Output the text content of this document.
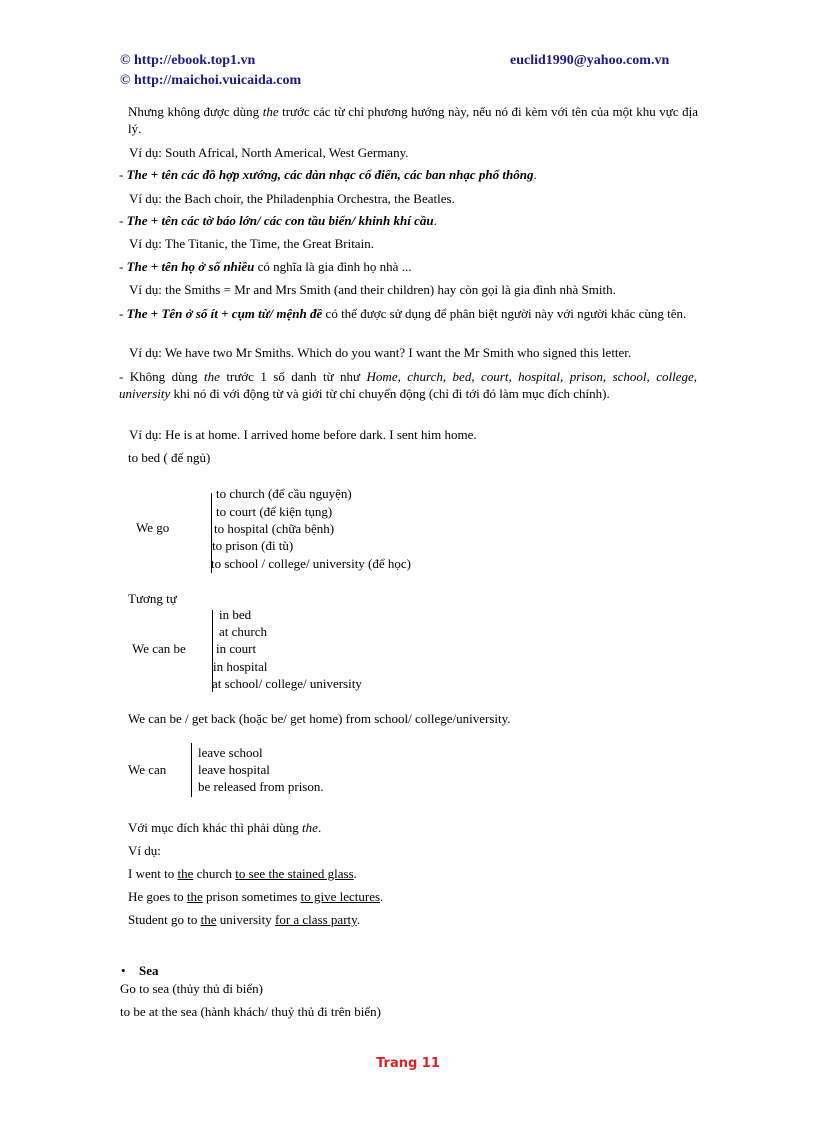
© http://ebook.top1.vn
© http://maichoi.vuicaida.com
euclid1990@yahoo.com.vn
Nhưng không được dùng the trước các từ chỉ phương hướng này, nếu nó đi kèm với tên của một khu vực địa lý.
Ví dụ: South Africal, North Americal, West Germany.
- The + tên các đồ hợp xướng, các dàn nhạc cổ điển, các ban nhạc phổ thông.
Ví dụ: the Bach choir, the Philadenphia Orchestra, the Beatles.
- The + tên các tờ báo lớn/ các con tầu biển/ khinh khí cầu.
Ví dụ: The Titanic, the Time, the Great Britain.
- The + tên họ ở số nhiều có nghĩa là gia đình họ nhà ...
Ví dụ: the Smiths = Mr and Mrs Smith (and their children) hay còn gọi là gia đình nhà Smith.
- The + Tên ở số ít + cụm từ/ mệnh đề có thể được sử dụng để phân biệt người này với người khác cùng tên.
Ví dụ: We have two Mr Smiths. Which do you want? I want the Mr Smith who signed this letter.
- Không dùng the trước 1 số danh từ như Home, church, bed, court, hospital, prison, school, college, university khi nó đi với động từ và giới từ chỉ chuyển động (chỉ đi tới đó làm mục đích chính).
Ví dụ: He is at home. I arrived home before dark. I sent him home.
to bed ( để ngủ)
We go
to church (để cầu nguyện)
to court (để kiện tụng)
to hospital (chữa bệnh)
to prison (đi tù)
to school / college/ university (để học)
Tương tự
We can be
in bed
at church
in court
in hospital
at school/ college/ university
We can be / get back (hoặc be/ get home) from school/ college/university.
We can
leave school
leave hospital
be released from prison.
Với mục đích khác thì phải dùng the.
Ví dụ:
I went to the church to see the stained glass.
He goes to the prison sometimes to give lectures.
Student go to the university for a class party.
• Sea
Go to sea (thủy thủ đi biển)
to be at the sea (hành khách/ thuỷ thủ đi trên biển)
Trang 11
